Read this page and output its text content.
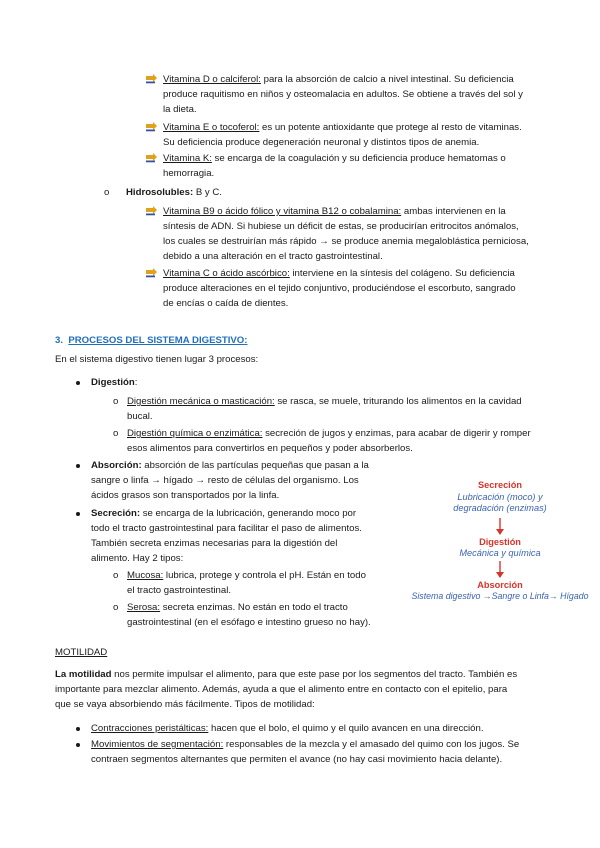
Vitamina D o calciferol: para la absorción de calcio a nivel intestinal. Su deficiencia
produce raquitismo en niños y osteomalacia en adultos. Se obtiene a través del sol y
la dieta.
Vitamina E o tocoferol: es un potente antioxidante que protege al resto de vitaminas.
Su deficiencia produce degeneración neuronal y distintos tipos de anemia.
Vitamina K: se encarga de la coagulación y su deficiencia produce hematomas o
hemorragia.
o Hidrosolubles: B y C.
Vitamina B9 o ácido fólico y vitamina B12 o cobalamina: ambas intervienen en la
síntesis de ADN. Si hubiese un déficit de estas, se producirían eritrocitos anómalos,
los cuales se destruirían más rápido → se produce anemia megaloblástica perniciosa,
debido a una alteración en el tracto gastrointestinal.
Vitamina C o ácido ascórbico: interviene en la síntesis del colágeno. Su deficiencia
produce alteraciones en el tejido conjuntivo, produciéndose el escorbuto, sangrado
de encías o caída de dientes.
3. PROCESOS DEL SISTEMA DIGESTIVO:
En el sistema digestivo tienen lugar 3 procesos:
Digestión:
o Digestión mecánica o masticación: se rasca, se muele, triturando los alimentos en la cavidad
bucal.
o Digestión química o enzimática: secreción de jugos y enzimas, para acabar de digerir y romper
esos alimentos para convertirlos en pequeños y poder absorberlos.
Absorción: absorción de las partículas pequeñas que pasan a la
sangre o linfa → hígado → resto de células del organismo. Los
ácidos grasos son transportados por la linfa.
Secreción: se encarga de la lubricación, generando moco por
todo el tracto gastrointestinal para facilitar el paso de alimentos.
También secreta enzimas necesarias para la digestión del
alimento. Hay 2 tipos:
o Mucosa: lubrica, protege y controla el pH. Están en todo
el tracto gastrointestinal.
o Serosa: secreta enzimas. No están en todo el tracto
gastrointestinal (en el esófago e intestino grueso no hay).
Secreción
Lubricación (moco) y
degradación (enzimas)
Digestión
Mecánica y química
Absorción
Sistema digestivo →Sangre o Linfa→ Hígado
MOTILIDAD
La motilidad nos permite impulsar el alimento, para que este pase por los segmentos del tracto. También es
importante para mezclar alimento. Además, ayuda a que el alimento entre en contacto con el epitelio, para
que se vaya absorbiendo más fácilmente. Tipos de motilidad:
Contracciones peristálticas: hacen que el bolo, el quimo y el quilo avancen en una dirección.
Movimientos de segmentación: responsables de la mezcla y el amasado del quimo con los jugos. Se
contraen segmentos alternantes que permiten el avance (no hay casi movimiento hacia delante).
